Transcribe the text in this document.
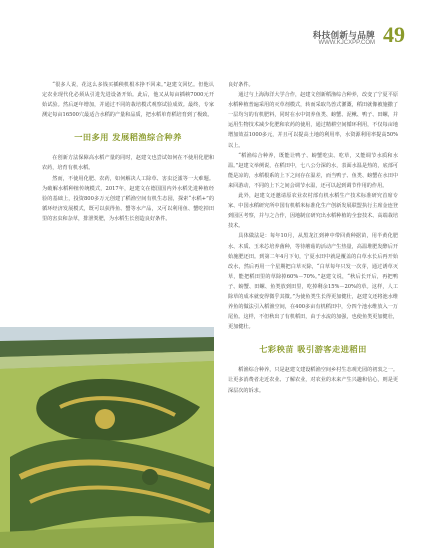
科技创新与品牌
WWW.KJCXPP.COM 49

“很多人说，花这么多钱买插秧机根本挣不回来。”赵建文回忆。但他认定农业现代化必须从引进先进设备开始。此后，他又从每亩插秧7000元开始试验。然后逐年增加，并通过不同的栽培模式观察试验成效。最终，专家测定每亩16500穴最适合水稻的产量和品质，把水稻单育稻培育到了极致。

一田多用 发展稻渔综合种养

在创新方法保障高水稻产量的同时，赵建文也尝试如何在不使用化肥和农药，培育有机水稻。

然而，不使用化肥、农药，如何解决人工除草、害虫泛滥等一大难题。为破解水稻种植传统模式，2017年，赵建文在德国国内外水稻先进种植经验的基础上，投资800多万元创建了稻渔空间有机生态园，探索“水稻+”的循环经济发展模式，既可以获得鱼、蟹等水产品，又可以利用鱼、蟹吃掉田里的害虫和杂草，排泄粪肥，为水稻生长创造良好条件。

良好条件。

通过与上海海洋大学合作，赵建文创新稻渔综合种养，改变了宁夏平原水稻种植普遍采用的灭草剂模式，转而采取鸟兽式灌溉，稻田就像被施撒了一层均匀的有机肥料，同时在水中饲养鱼类、螃蟹、泥鳅、鸭子、田螺，并运用生物技术减少化肥和农药的使用，通过精耕空间循环利用，不仅每亩地增加效益1000多元，并且可以提高土地的利用率，水资源利用率提高50%以上。

“稻渔综合种养，既能让鸭子、螃蟹吃虫、吃草，又能调节水质和水温。”赵建文举例说，在稻田中，七八公分深的水，表面水温是热的，底部可能是凉的，水稻根系的上下之间存在温差，而当鸭子、鱼类、螃蟹在水田中来回游动，不同的上下之间会调节水温，还可以起到调节作用的作用。

此外，赵建文还邀请原农业农村部有机水稻生产技术标准研究首席专家、中国水稻研究所中国有机稻米标准化生产创新发展联盟执行主席金连登到园区考察，并与之合作，因地制宜研究出水稻种植的全套技术、高端栽培技术。

具体做法是：每年10月，从黑龙江到神中带回黄种据苗，用半黄化肥水、木质、玉米芯培养菌种，等待蘑菇的活动产生热量，高温堆肥发酵后开始施肥还田。到第二年4月下旬，宁夏水田中就是覆盖的白草水长后再开始改水，然后再用一个星期把白草灭除，“白草每年只发一次芽，通过诱草灭草，能把稻田里的草除掉60%－70%。”赵建文说，“秋后长开后，再把鸭子、螃蟹、田螺、鱼类放到田里，吃掉剩余15%－20%的草。这样，人工除草的成本就变得微乎其微。”为使鱼类生长得更加健壮，赵建文还将池水维养鱼的做法引入稻渔空间，在400多亩有机稻田中，分四个池水维放入一万尾鱼。这样，不但秋出了有机稻田，由于水流的加强，也使鱼类更加健壮，更加健壮。

七彩秧苗 吸引游客走进稻田

稻渔综合种养，只是赵建文建设稻渔空间乡村生态观光园的初衷之一。让更多消费者走近农业、了解农业，对农业的未来产生兴趣和信心，则是更深层次的诉求。
